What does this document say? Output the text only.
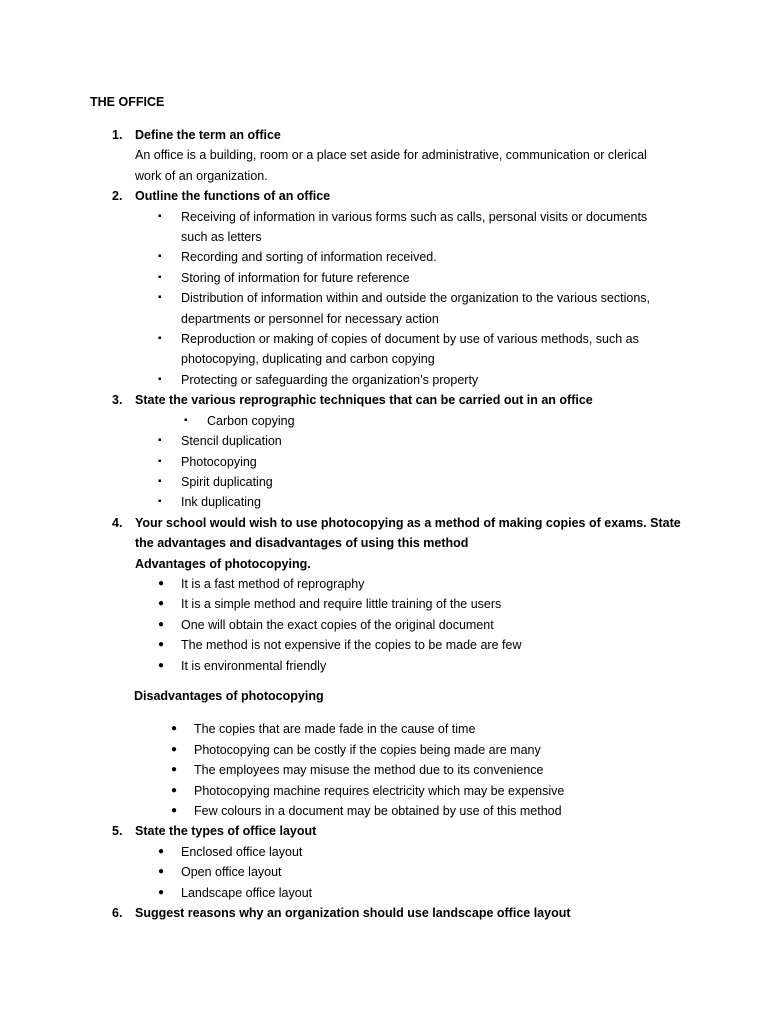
THE OFFICE
1. Define the term an office
An office is a building, room or a place set aside for administrative, communication or clerical work of an organization.
2. Outline the functions of an office
▪ Receiving of information in various forms such as calls, personal visits or documents such as letters
▪ Recording and sorting of information received.
▪ Storing of information for future reference
▪ Distribution of information within and outside the organization to the various sections, departments or personnel for necessary action
▪ Reproduction or making of copies of document by use of various methods, such as photocopying, duplicating and carbon copying
▪ Protecting or safeguarding the organization’s property
3. State the various reprographic techniques that can be carried out in an office
▪ Carbon copying
▪ Stencil duplication
▪ Photocopying
▪ Spirit duplicating
▪ Ink duplicating
4. Your school would wish to use photocopying as a method of making copies of exams. State the advantages and disadvantages of using this method
Advantages of photocopying.
● It is a fast method of reprography
● It is a simple method and require little training of the users
● One will obtain the exact copies of the original document
● The method is not expensive if the copies to be made are few
● It is environmental friendly
Disadvantages of photocopying
● The copies that are made fade in the cause of time
● Photocopying can be costly if the copies being made are many
● The employees may misuse the method due to its convenience
● Photocopying machine requires electricity which may be expensive
● Few colours in a document may be obtained by use of this method
5. State the types of office layout
● Enclosed office layout
● Open office layout
● Landscape office layout
6. Suggest reasons why an organization should use landscape office layout
